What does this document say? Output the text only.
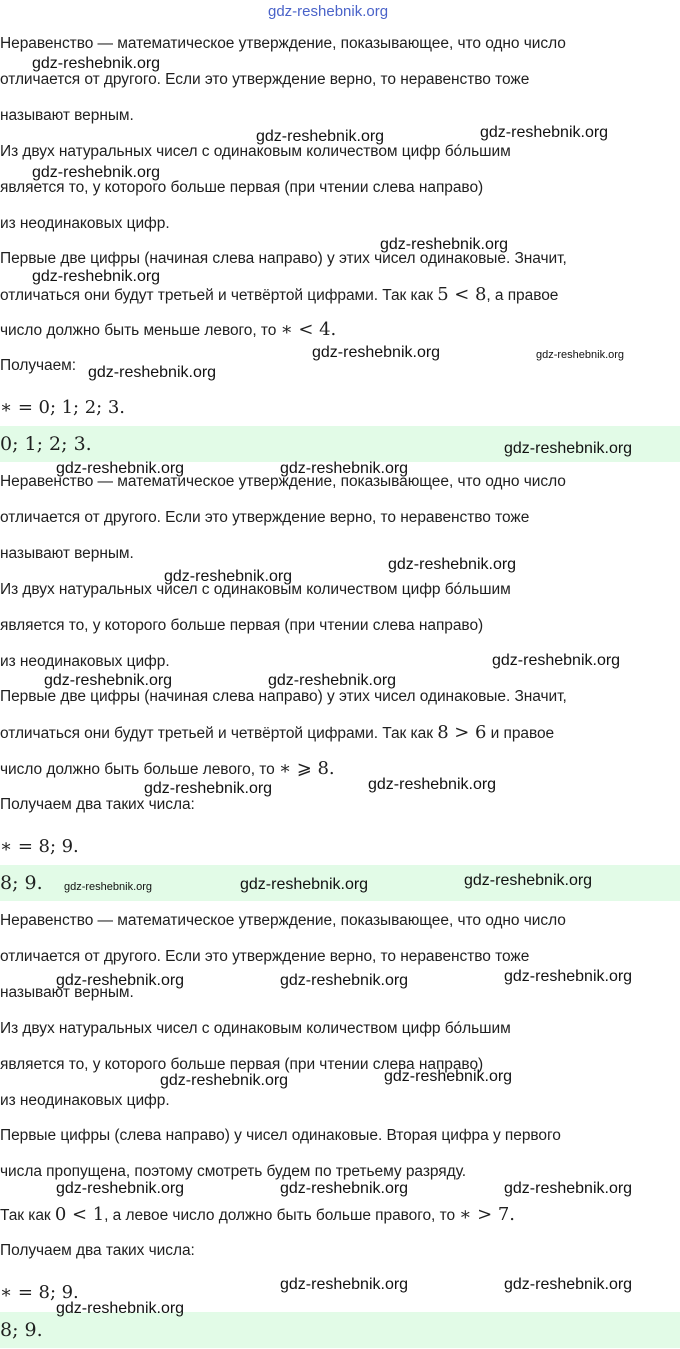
Неравенство — математическое утверждение, показывающее, что одно число
отличается от другого. Если это утверждение верно, то неравенство тоже
называют верным.
Из двух натуральных чисел с одинаковым количеством цифр бо́льшим
является то, у которого больше первая (при чтении слева направо)
из неодинаковых цифр.
Первые две цифры (начиная слева направо) у этих чисел одинаковые. Значит,
отличаться они будут третьей и четвёртой цифрами. Так как 5 < 8, а правое
число должно быть меньше левого, то ∗ < 4.
Получаем:
∗ = 0; 1; 2; 3.
0; 1; 2; 3.
Неравенство — математическое утверждение, показывающее, что одно число
отличается от другого. Если это утверждение верно, то неравенство тоже
называют верным.
Из двух натуральных чисел с одинаковым количеством цифр бо́льшим
является то, у которого больше первая (при чтении слева направо)
из неодинаковых цифр.
Первые две цифры (начиная слева направо) у этих чисел одинаковые. Значит,
отличаться они будут третьей и четвёртой цифрами. Так как 8 > 6 и правое
число должно быть больше левого, то ∗ ⩾ 8.
Получаем два таких числа:
∗ = 8; 9.
8; 9.
Неравенство — математическое утверждение, показывающее, что одно число
отличается от другого. Если это утверждение верно, то неравенство тоже
называют верным.
Из двух натуральных чисел с одинаковым количеством цифр бо́льшим
является то, у которого больше первая (при чтении слева направо)
из неодинаковых цифр.
Первые цифры (слева направо) у чисел одинаковые. Вторая цифра у первого
числа пропущена, поэтому смотреть будем по третьему разряду.
Так как 0 < 1, а левое число должно быть больше правого, то ∗ > 7.
Получаем два таких числа:
∗ = 8; 9.
8; 9.
gdz-reshebnik.org
gdz-reshebnik.org
gdz-reshebnik.org	gdz-reshebnik.org
gdz-reshebnik.org
gdz-reshebnik.org
gdz-reshebnik.org
gdz-reshebnik.org	gdz-reshebnik.org
gdz-reshebnik.org
gdz-reshebnik.org
gdz-reshebnik.org	gdz-reshebnik.org
gdz-reshebnik.org
gdz-reshebnik.org
gdz-reshebnik.org
gdz-reshebnik.org	gdz-reshebnik.org
gdz-reshebnik.org
gdz-reshebnik.org
gdz-reshebnik.org	gdz-reshebnik.org	gdz-reshebnik.org
gdz-reshebnik.org	gdz-reshebnik.org	gdz-reshebnik.org
gdz-reshebnik.org	gdz-reshebnik.org
gdz-reshebnik.org	gdz-reshebnik.org	gdz-reshebnik.org
gdz-reshebnik.org	gdz-reshebnik.org
gdz-reshebnik.org
